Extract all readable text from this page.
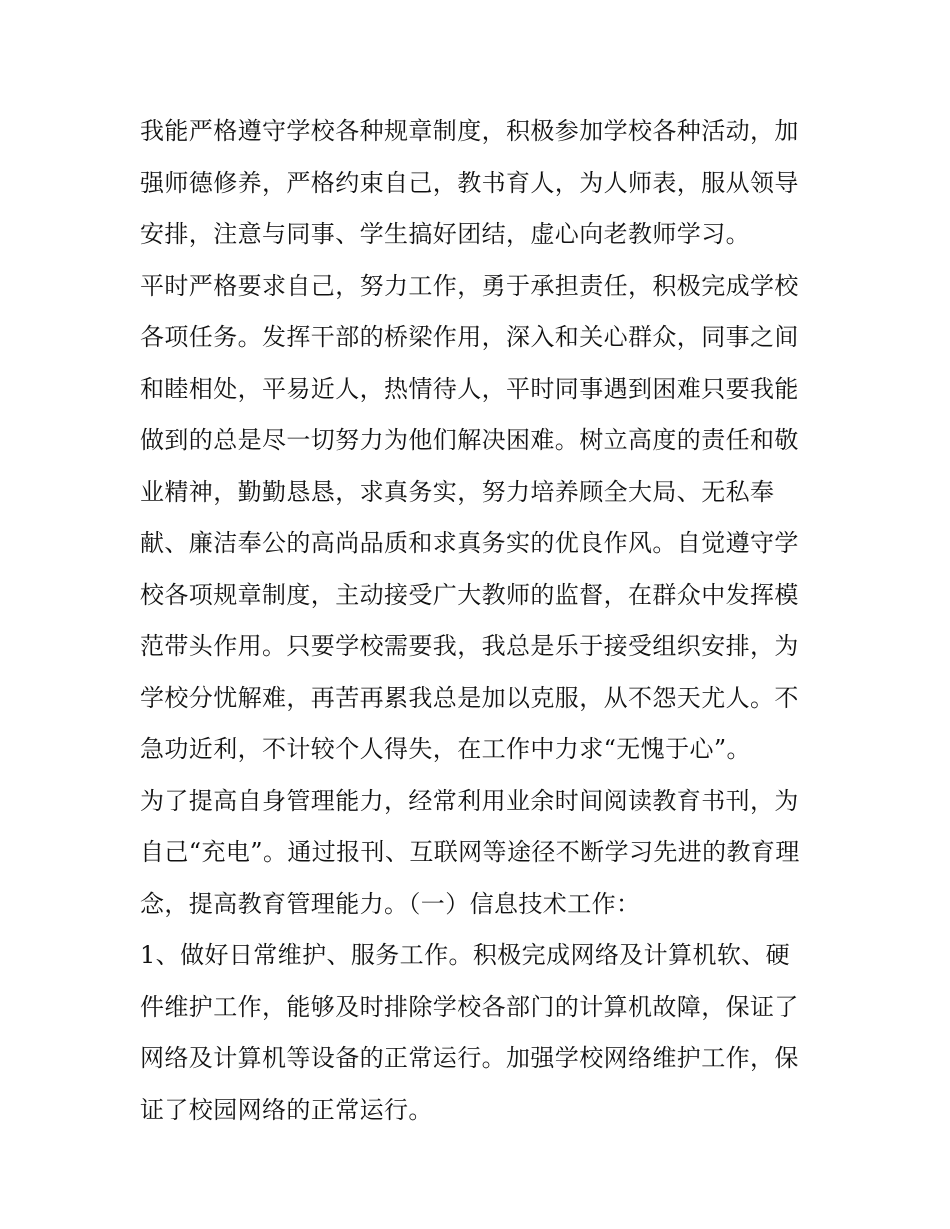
我能严格遵守学校各种规章制度，积极参加学校各种活动，加
强师德修养，严格约束自己，教书育人，为人师表，服从领导
安排，注意与同事、学生搞好团结，虚心向老教师学习。
平时严格要求自己，努力工作，勇于承担责任，积极完成学校
各项任务。发挥干部的桥梁作用，深入和关心群众，同事之间
和睦相处，平易近人，热情待人，平时同事遇到困难只要我能
做到的总是尽一切努力为他们解决困难。树立高度的责任和敬
业精神，勤勤恳恳，求真务实，努力培养顾全大局、无私奉
献、廉洁奉公的高尚品质和求真务实的优良作风。自觉遵守学
校各项规章制度，主动接受广大教师的监督，在群众中发挥模
范带头作用。只要学校需要我，我总是乐于接受组织安排，为
学校分忧解难，再苦再累我总是加以克服，从不怨天尤人。不
急功近利，不计较个人得失，在工作中力求“无愧于心”。
为了提高自身管理能力，经常利用业余时间阅读教育书刊，为
自己“充电”。通过报刊、互联网等途径不断学习先进的教育理
念，提高教育管理能力。（一）信息技术工作：
1、做好日常维护、服务工作。积极完成网络及计算机软、硬
件维护工作，能够及时排除学校各部门的计算机故障，保证了
网络及计算机等设备的正常运行。加强学校网络维护工作，保
证了校园网络的正常运行。
